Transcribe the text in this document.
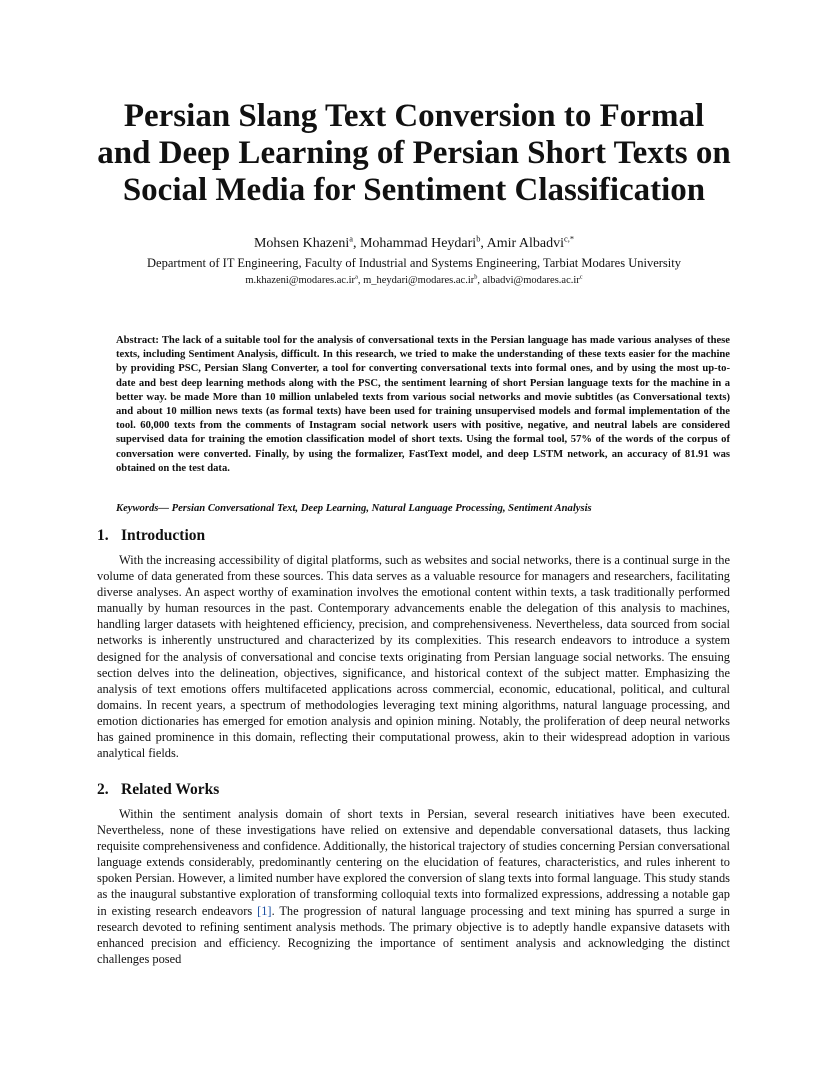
Persian Slang Text Conversion to Formal
and Deep Learning of Persian Short Texts on
Social Media for Sentiment Classification
Mohsen Khazeni$^a$, Mohammad Heydari$^b$, Amir Albadvi$^{c,*}$
Department of IT Engineering, Faculty of Industrial and Systems Engineering, Tarbiat Modares University
$m.khazeni@modares.ac.ir^a$, $m\_heydari@modares.ac.ir^b$, $albadvi@modares.ac.ir^c$
Abstract: The lack of a suitable tool for the analysis of conversational texts in the Persian language has made various analyses of these texts, including Sentiment Analysis, difficult. In this research, we tried to make the understanding of these texts easier for the machine by providing PSC, Persian Slang Converter, a tool for converting conversational texts into formal ones, and by using the most up-to-date and best deep learning methods along with the PSC, the sentiment learning of short Persian language texts for the machine in a better way. be made More than 10 million unlabeled texts from various social networks and movie subtitles (as Conversational texts) and about 10 million news texts (as formal texts) have been used for training unsupervised models and formal implementation of the tool. 60,000 texts from the comments of Instagram social network users with positive, negative, and neutral labels are considered supervised data for training the emotion classification model of short texts. Using the formal tool, 57% of the words of the corpus of conversation were converted. Finally, by using the formalizer, FastText model, and deep LSTM network, an accuracy of 81.91 was obtained on the test data.
Keywords— Persian Conversational Text, Deep Learning, Natural Language Processing, Sentiment Analysis
1. Introduction
With the increasing accessibility of digital platforms, such as websites and social networks, there is a continual surge in the volume of data generated from these sources. This data serves as a valuable resource for managers and researchers, facilitating diverse analyses. An aspect worthy of examination involves the emotional content within texts, a task traditionally performed manually by human resources in the past. Contemporary advancements enable the delegation of this analysis to machines, handling larger datasets with heightened efficiency, precision, and comprehensiveness. Nevertheless, data sourced from social networks is inherently unstructured and characterized by its complexities. This research endeavors to introduce a system designed for the analysis of conversational and concise texts originating from Persian language social networks. The ensuing section delves into the delineation, objectives, significance, and historical context of the subject matter. Emphasizing the analysis of text emotions offers multifaceted applications across commercial, economic, educational, political, and cultural domains. In recent years, a spectrum of methodologies leveraging text mining algorithms, natural language processing, and emotion dictionaries has emerged for emotion analysis and opinion mining. Notably, the proliferation of deep neural networks has gained prominence in this domain, reflecting their computational prowess, akin to their widespread adoption in various analytical fields.
2. Related Works
Within the sentiment analysis domain of short texts in Persian, several research initiatives have been executed. Nevertheless, none of these investigations have relied on extensive and dependable conversational datasets, thus lacking requisite comprehensiveness and confidence. Additionally, the historical trajectory of studies concerning Persian conversational language extends considerably, predominantly centering on the elucidation of features, characteristics, and rules inherent to spoken Persian. However, a limited number have explored the conversion of slang texts into formal language. This study stands as the inaugural substantive exploration of transforming colloquial texts into formalized expressions, addressing a notable gap in existing research endeavors [1]. The progression of natural language processing and text mining has spurred a surge in research devoted to refining sentiment analysis methods. The primary objective is to adeptly handle expansive datasets with enhanced precision and efficiency. Recognizing the importance of sentiment analysis and acknowledging the distinct challenges posed
